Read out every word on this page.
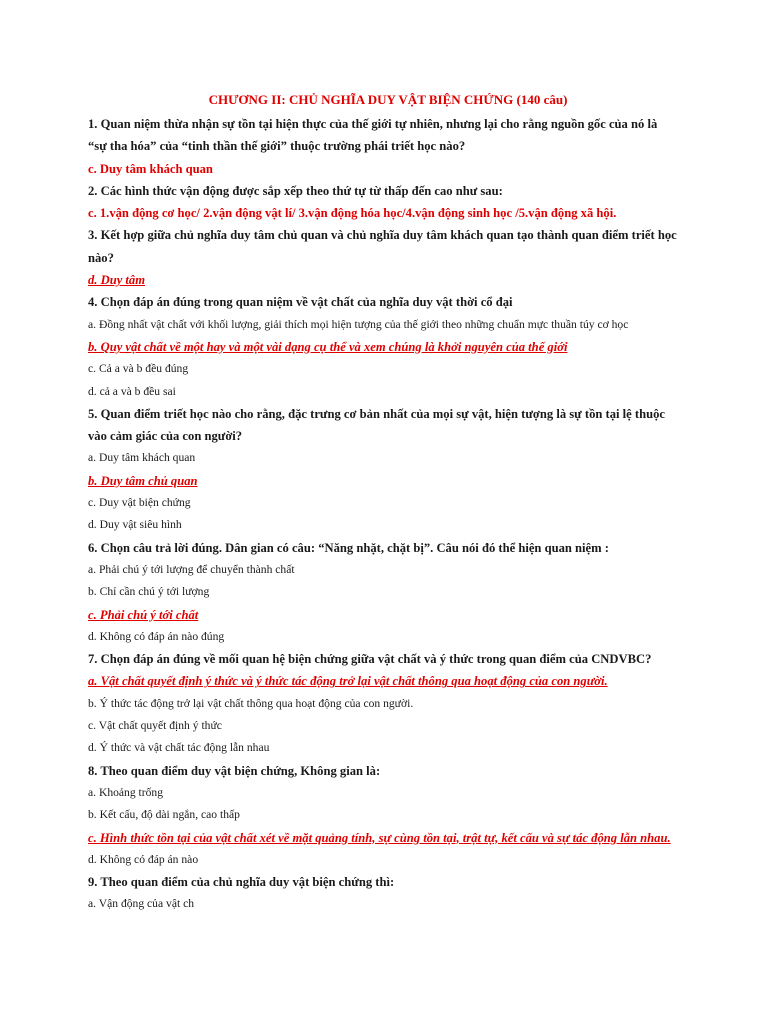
CHƯƠNG II: CHỦ NGHĨA DUY VẬT BIỆN CHỨNG (140 câu)
1. Quan niệm thừa nhận sự tồn tại hiện thực của thế giới tự nhiên, nhưng lại cho rằng nguồn gốc của nó là
“sự tha hóa” của “tinh thần thế giới” thuộc trường phái triết học nào?
c. Duy tâm khách quan
2. Các hình thức vận động được sắp xếp theo thứ tự từ thấp đến cao như sau:
c. 1.vận động cơ học/ 2.vận động vật lí/ 3.vận động hóa học/4.vận động sinh học /5.vận động xã hội.
3. Kết hợp giữa chủ nghĩa duy tâm chủ quan và chủ nghĩa duy tâm khách quan tạo thành quan điểm triết học
nào?
d. Duy tâm
4. Chọn đáp án đúng trong quan niệm về vật chất của nghĩa duy vật thời cổ đại
a. Đồng nhất vật chất với khối lượng, giải thích mọi hiện tượng của thế giới theo những chuẩn mực thuần túy cơ học
b. Quy vật chất về một hay và một vài dạng cụ thể và xem chúng là khởi nguyên của thế giới
c. Cả a và b đều đúng
d. cả a và b đều sai
5. Quan điểm triết học nào cho rằng, đặc trưng cơ bản nhất của mọi sự vật, hiện tượng là sự tồn tại lệ thuộc
vào cảm giác của con người?
a. Duy tâm khách quan
b. Duy tâm chủ quan
c. Duy vật biện chứng
d. Duy vật siêu hình
6. Chọn câu trả lời đúng. Dân gian có câu: “Năng nhặt, chặt bị”. Câu nói đó thể hiện quan niệm :
a. Phải chú ý tới lượng để chuyển thành chất
b. Chỉ cần chú ý tới lượng
c. Phải chú ý tới chất
d. Không có đáp án nào đúng
7. Chọn đáp án đúng về mối quan hệ biện chứng giữa vật chất và ý thức trong quan điểm của CNDVBC?
a. Vật chất quyết định ý thức và ý thức tác động trở lại vật chất thông qua hoạt động của con người.
b. Ý thức tác động trở lại vật chất thông qua hoạt động của con người.
c. Vật chất quyết định ý thức
d. Ý thức và vật chất tác động lẫn nhau
8. Theo quan điểm duy vật biện chứng, Không gian là:
a. Khoảng trống
b. Kết cấu, độ dài ngắn, cao thấp
c. Hình thức tồn tại của vật chất xét về mặt quảng tính, sự cùng tồn tại, trật tự, kết cấu và sự tác động lẫn nhau.
d. Không có đáp án nào
9. Theo quan điểm của chủ nghĩa duy vật biện chứng thì:
a. Vận động của vật ch
